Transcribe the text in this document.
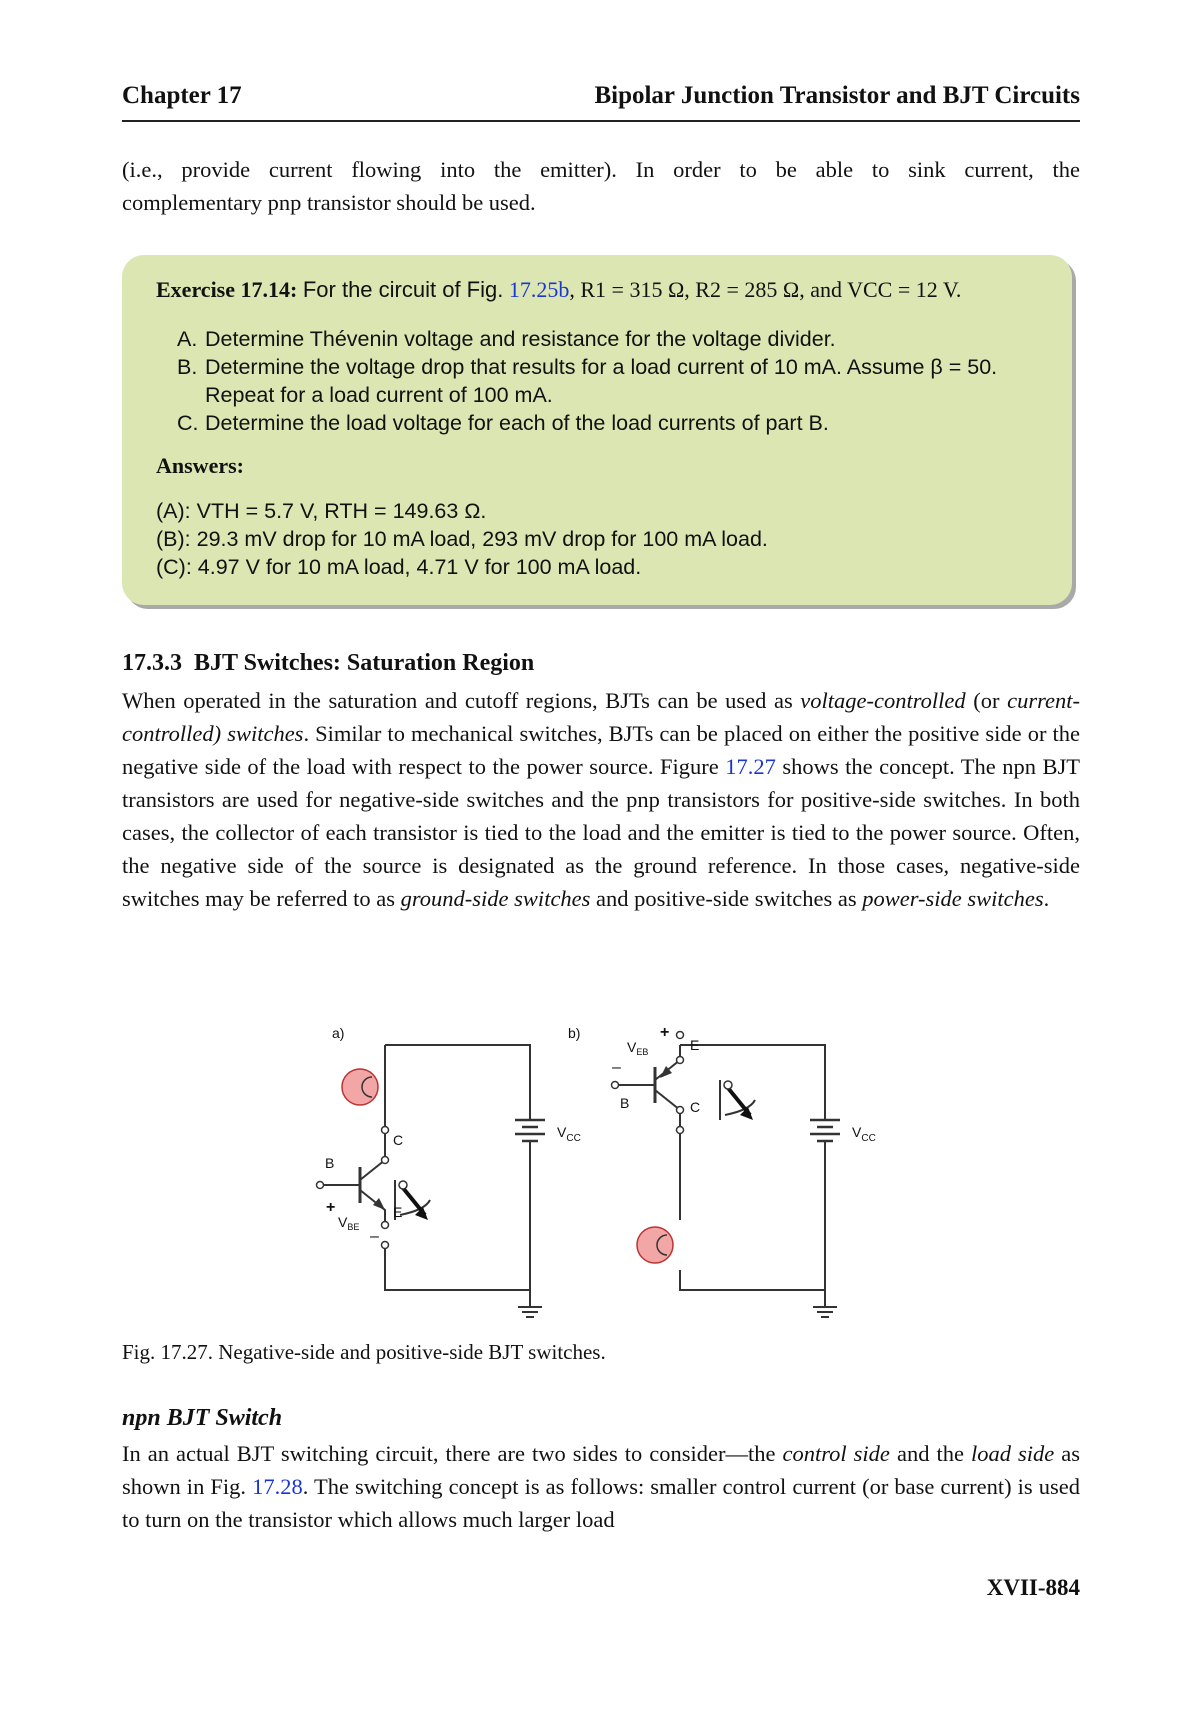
Chapter 17	Bipolar Junction Transistor and BJT Circuits
(i.e., provide current flowing into the emitter). In order to be able to sink current, the
complementary pnp transistor should be used.
Exercise 17.14: For the circuit of Fig. 17.25b, R1 = 315 Ω, R2 = 285 Ω, and VCC = 12 V.
A. Determine Thévenin voltage and resistance for the voltage divider.
B. Determine the voltage drop that results for a load current of 10 mA. Assume β = 50. Repeat for a load current of 100 mA.
C. Determine the load voltage for each of the load currents of part B.
Answers:
(A): VTH = 5.7 V, RTH = 149.63 Ω.
(B): 29.3 mV drop for 10 mA load, 293 mV drop for 100 mA load.
(C): 4.97 V for 10 mA load, 4.71 V for 100 mA load.
17.3.3 BJT Switches: Saturation Region
When operated in the saturation and cutoff regions, BJTs can be used as voltage-controlled (or current-controlled) switches. Similar to mechanical switches, BJTs can be placed on either the positive side or the negative side of the load with respect to the power source. Figure 17.27 shows the concept. The npn BJT transistors are used for negative-side switches and the pnp transistors for positive-side switches. In both cases, the collector of each transistor is tied to the load and the emitter is tied to the power source. Often, the negative side of the source is designated as the ground reference. In those cases, negative-side switches may be referred to as ground-side switches and positive-side switches as power-side switches.
a)	b)
$V_{CC}$	$V_{CC}$
+
$V_{BE}$
–
B
C
E
+
$V_{EB}$
–
B	C
E
Fig. 17.27. Negative-side and positive-side BJT switches.
npn BJT Switch
In an actual BJT switching circuit, there are two sides to consider—the control side and the load side as shown in Fig. 17.28. The switching concept is as follows: smaller control current (or base current) is used to turn on the transistor which allows much larger load
XVII-884
